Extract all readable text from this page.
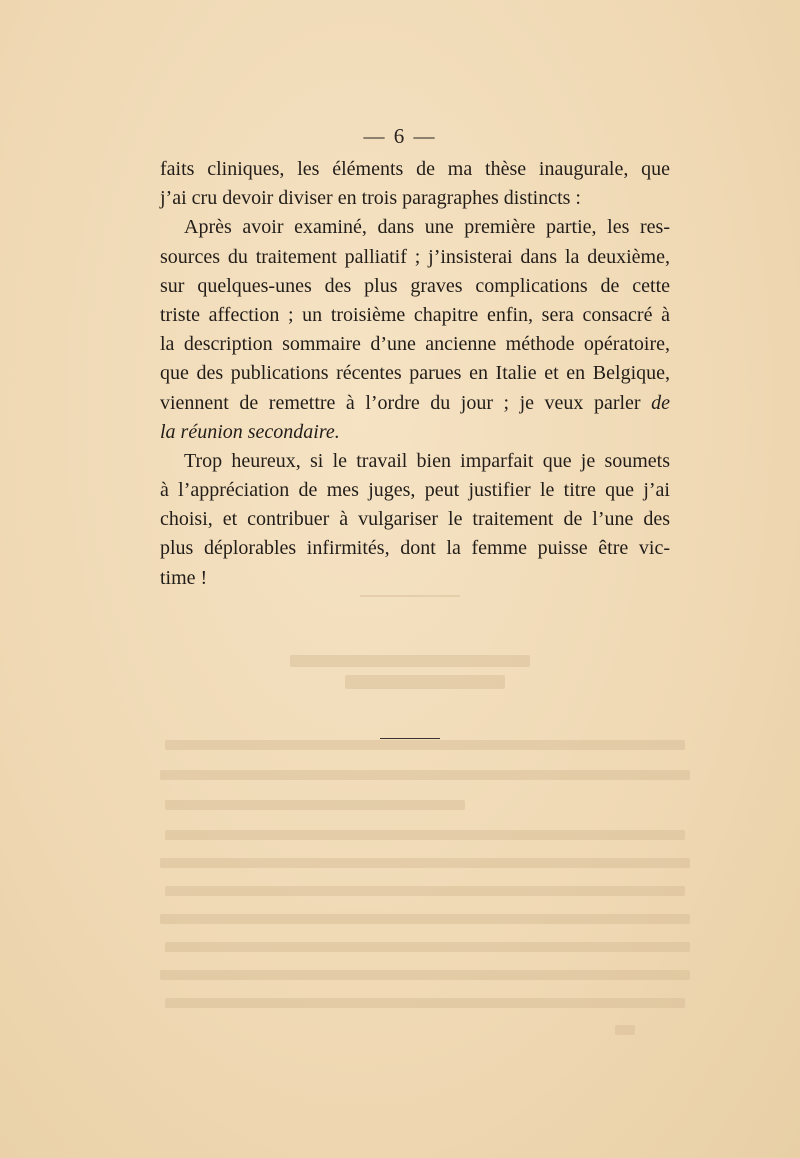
— 6 —
faits cliniques, les éléments de ma thèse inaugurale, que
j’ai cru devoir diviser en trois paragraphes distincts :
Après avoir examiné, dans une première partie, les res-
sources du traitement palliatif ; j’insisterai dans la deuxième,
sur quelques-unes des plus graves complications de cette
triste affection ; un troisième chapitre enfin, sera consacré à
la description sommaire d’une ancienne méthode opératoire,
que des publications récentes parues en Italie et en Belgique,
viennent de remettre à l’ordre du jour ; je veux parler de
la réunion secondaire.
Trop heureux, si le travail bien imparfait que je soumets
à l’appréciation de mes juges, peut justifier le titre que j’ai
choisi, et contribuer à vulgariser le traitement de l’une des
plus déplorables infirmités, dont la femme puisse être vic-
time !
